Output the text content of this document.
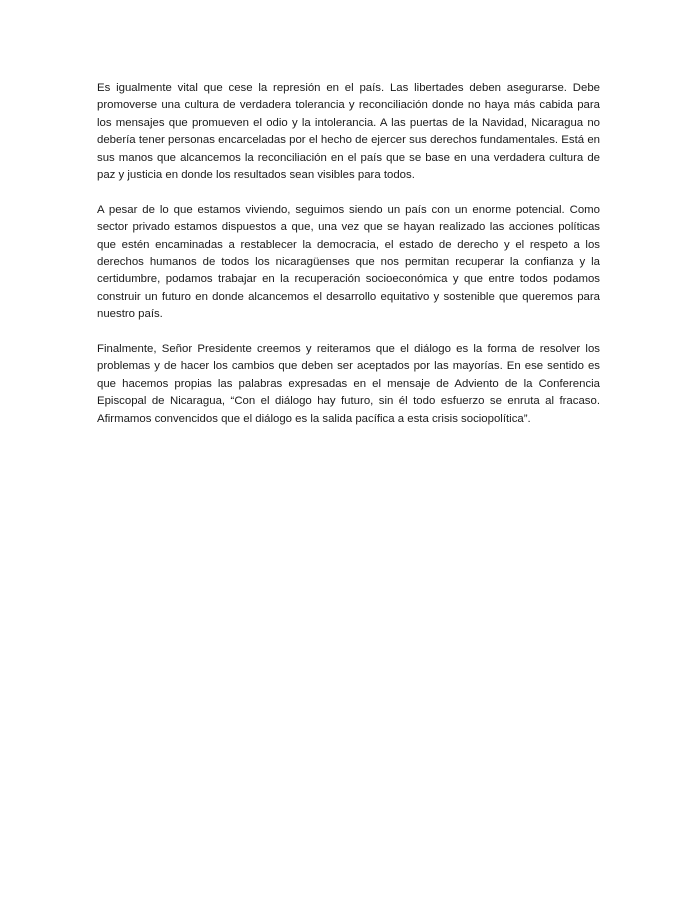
Es igualmente vital que cese la represión en el país. Las libertades deben asegurarse. Debe promoverse una cultura de verdadera tolerancia y reconciliación donde no haya más cabida para los mensajes que promueven el odio y la intolerancia. A las puertas de la Navidad, Nicaragua no debería tener personas encarceladas por el hecho de ejercer sus derechos fundamentales. Está en sus manos que alcancemos la reconciliación en el país que se base en una verdadera cultura de paz y justicia en donde los resultados sean visibles para todos.

A pesar de lo que estamos viviendo, seguimos siendo un país con un enorme potencial. Como sector privado estamos dispuestos a que, una vez que se hayan realizado las acciones políticas que estén encaminadas a restablecer la democracia, el estado de derecho y el respeto a los derechos humanos de todos los nicaragüenses que nos permitan recuperar la confianza y la certidumbre, podamos trabajar en la recuperación socioeconómica y que entre todos podamos construir un futuro en donde alcancemos el desarrollo equitativo y sostenible que queremos para nuestro país.

Finalmente, Señor Presidente creemos y reiteramos que el diálogo es la forma de resolver los problemas y de hacer los cambios que deben ser aceptados por las mayorías. En ese sentido es que hacemos propias las palabras expresadas en el mensaje de Adviento de la Conferencia Episcopal de Nicaragua, “Con el diálogo hay futuro, sin él todo esfuerzo se enruta al fracaso. Afirmamos convencidos que el diálogo es la salida pacífica a esta crisis sociopolítica”.
